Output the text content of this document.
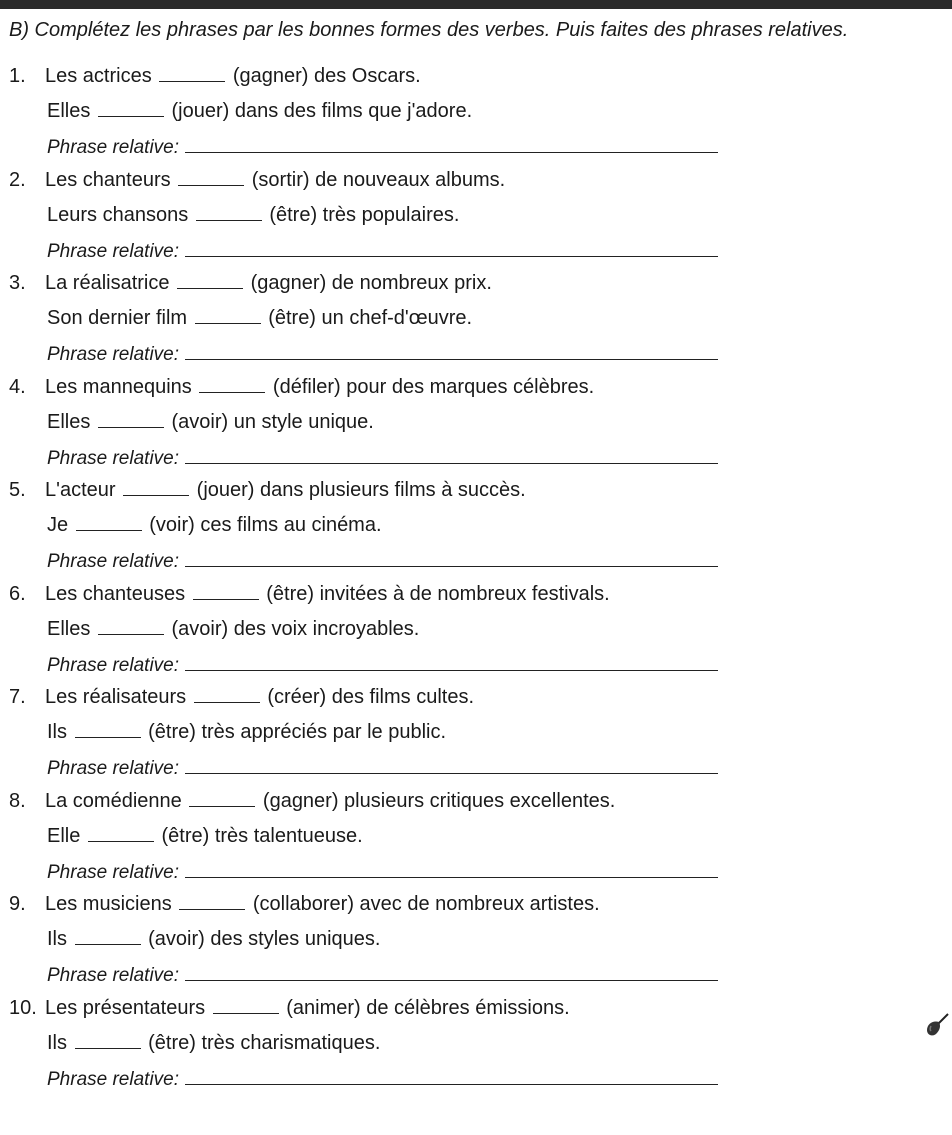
B) Complétez les phrases par les bonnes formes des verbes. Puis faites des phrases relatives.
1. Les actrices	(gagner) des Oscars.
Elles	(jouer) dans des films que j'adore.
Phrase relative:
2. Les chanteurs	(sortir) de nouveaux albums.
Leurs chansons	(être) très populaires.
Phrase relative:
3. La réalisatrice	(gagner) de nombreux prix.
Son dernier film	(être) un chef-d'œuvre.
Phrase relative:
4. Les mannequins	(défiler) pour des marques célèbres.
Elles	(avoir) un style unique.
Phrase relative:
5. L'acteur	(jouer) dans plusieurs films à succès.
Je	(voir) ces films au cinéma.
Phrase relative:
6. Les chanteuses	(être) invitées à de nombreux festivals.
Elles	(avoir) des voix incroyables.
Phrase relative:
7. Les réalisateurs	(créer) des films cultes.
Ils	(être) très appréciés par le public.
Phrase relative:
8. La comédienne	(gagner) plusieurs critiques excellentes.
Elle	(être) très talentueuse.
Phrase relative:
9. Les musiciens	(collaborer) avec de nombreux artistes.
Ils	(avoir) des styles uniques.
Phrase relative:
10. Les présentateurs	(animer) de célèbres émissions.
Ils	(être) très charismatiques.
Phrase relative:
